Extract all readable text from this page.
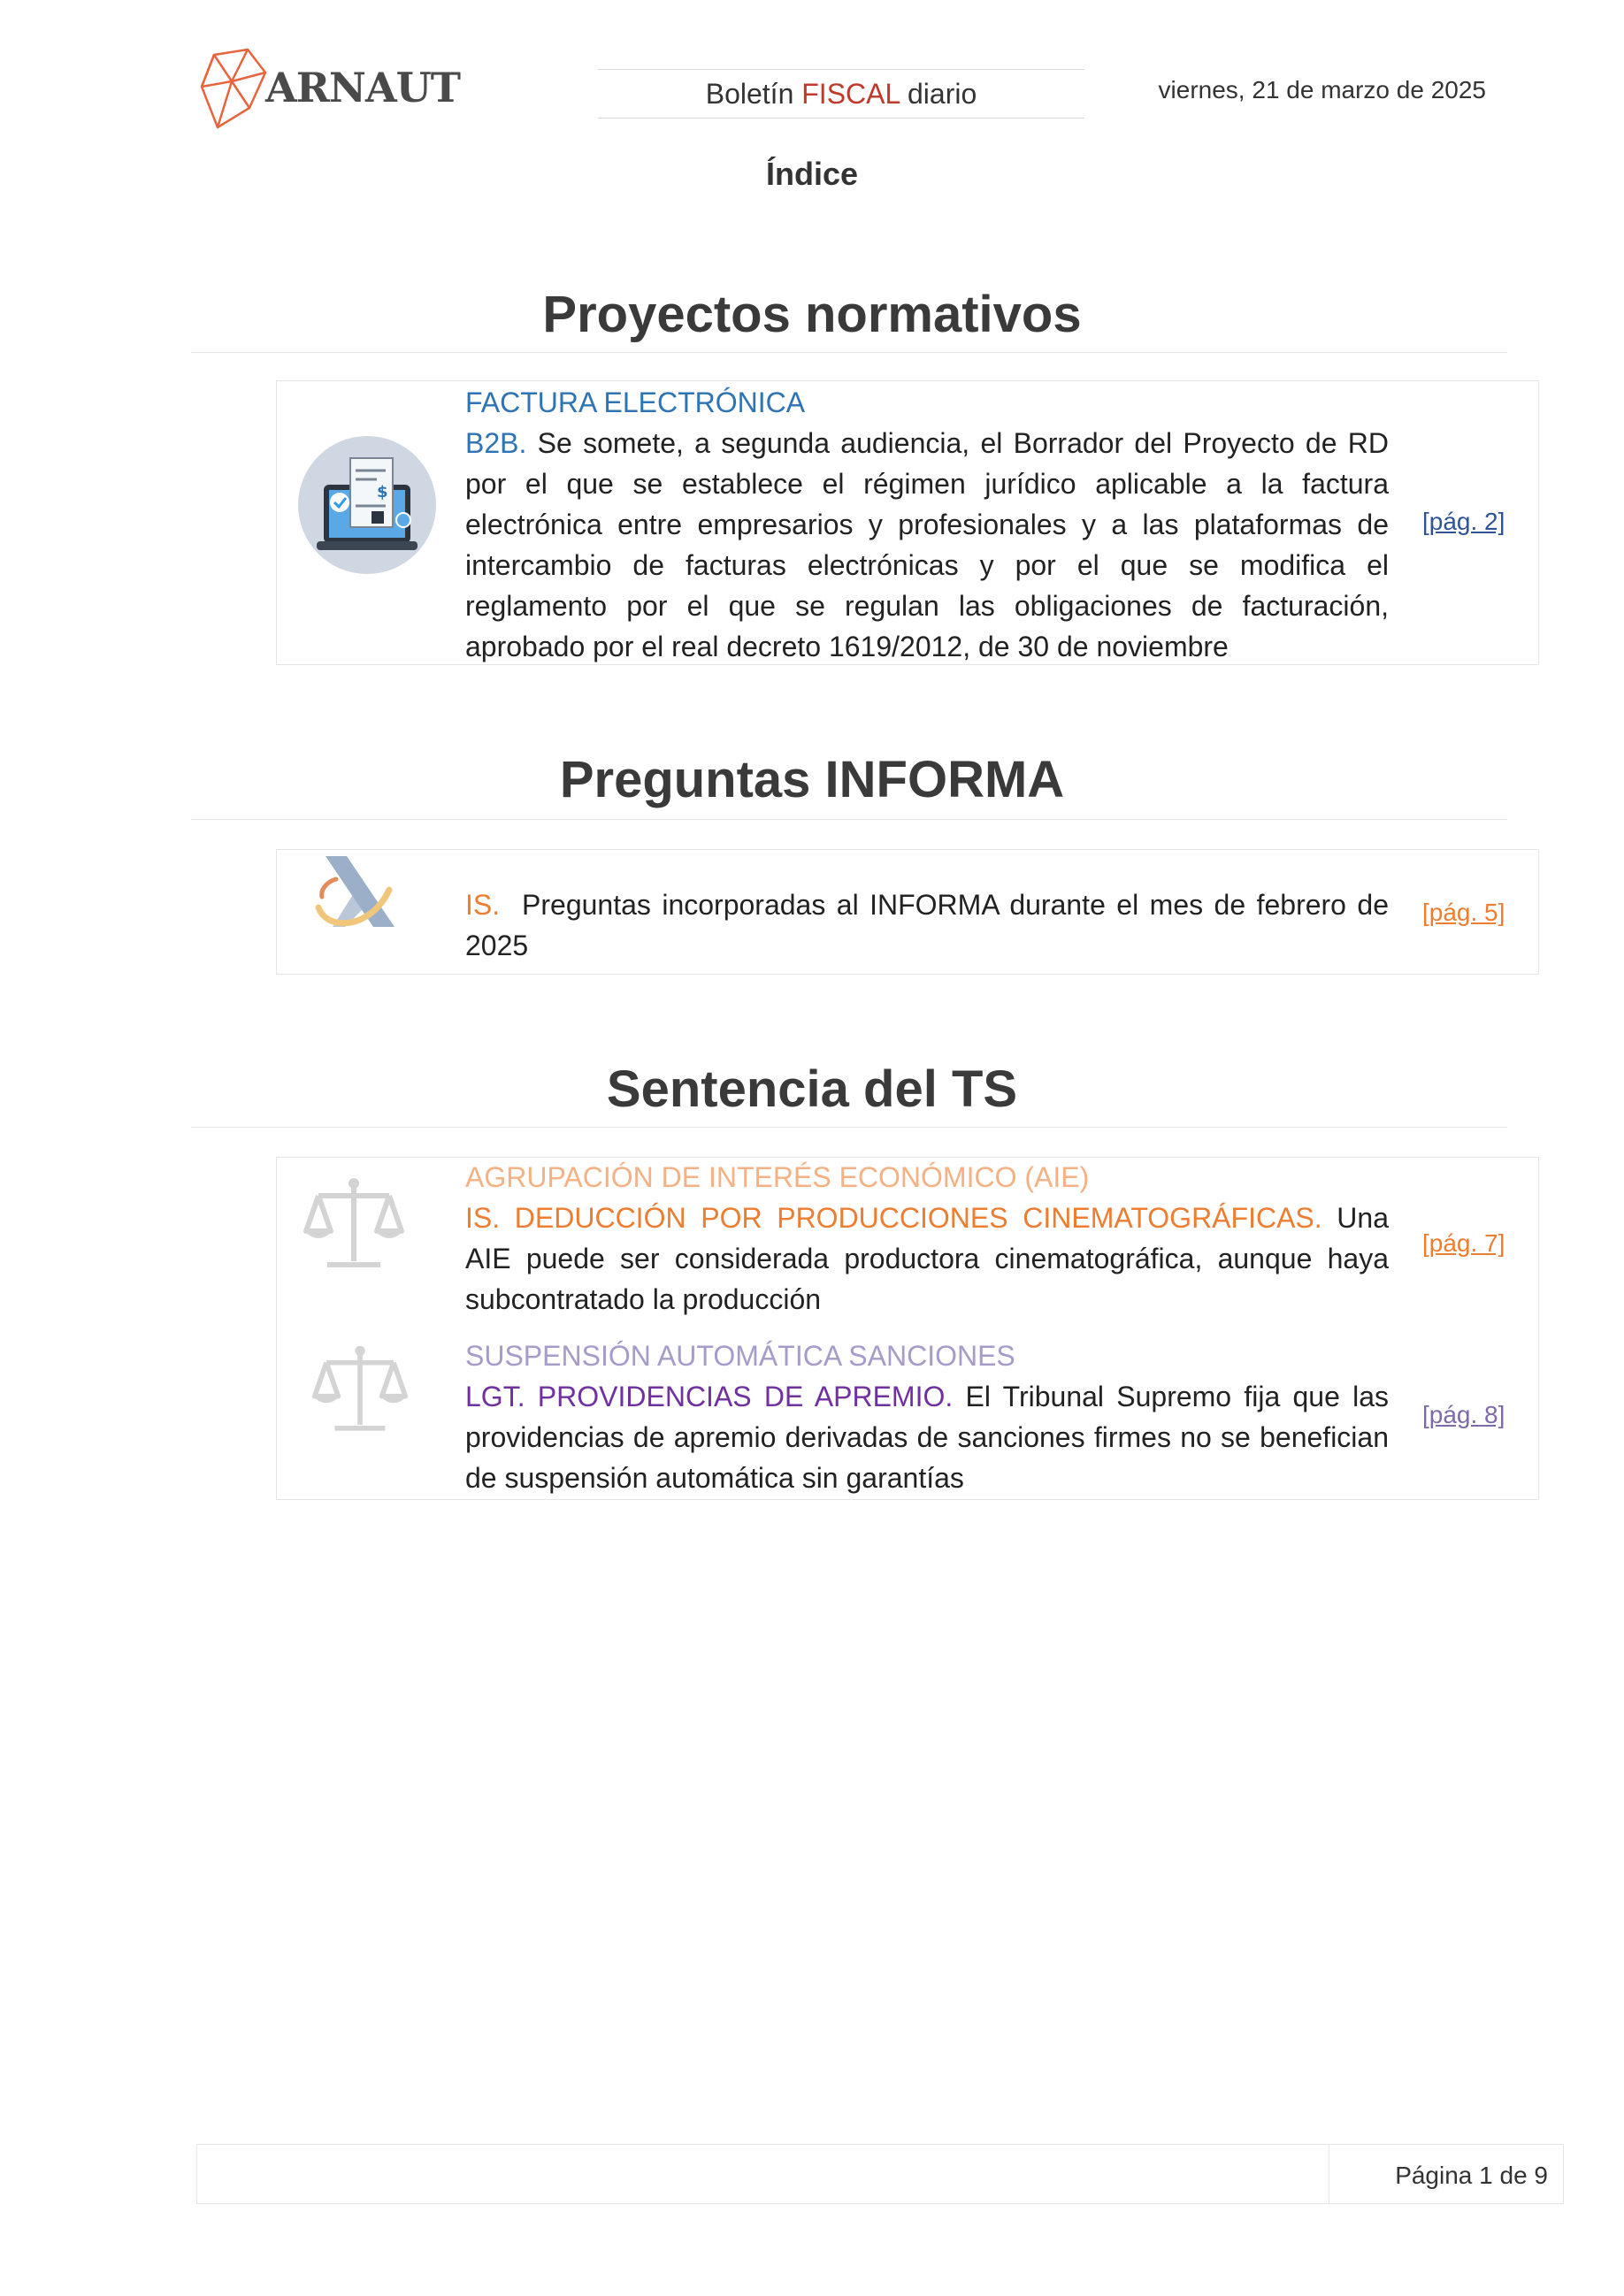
ARNAUT	Boletín FISCAL diario	viernes, 21 de marzo de 2025
Índice
Proyectos normativos
$
FACTURA ELECTRÓNICA
B2B. Se somete, a segunda audiencia, el Borrador del Proyecto de RD por el que se establece el régimen jurídico aplicable a la factura electrónica entre empresarios y profesionales y a las plataformas de intercambio de facturas electrónicas y por el que se modifica el reglamento por el que se regulan las obligaciones de facturación, aprobado por el real decreto 1619/2012, de 30 de noviembre
[pág. 2]
Preguntas INFORMA
IS. Preguntas incorporadas al INFORMA durante el mes de febrero de 2025
[pág. 5]
Sentencia del TS
AGRUPACIÓN DE INTERÉS ECONÓMICO (AIE)
IS. DEDUCCIÓN POR PRODUCCIONES CINEMATOGRÁFICAS. Una AIE puede ser considerada productora cinematográfica, aunque haya subcontratado la producción
[pág. 7]
SUSPENSIÓN AUTOMÁTICA SANCIONES
LGT. PROVIDENCIAS DE APREMIO. El Tribunal Supremo fija que las providencias de apremio derivadas de sanciones firmes no se benefician de suspensión automática sin garantías
[pág. 8]
Página 1 de 9
